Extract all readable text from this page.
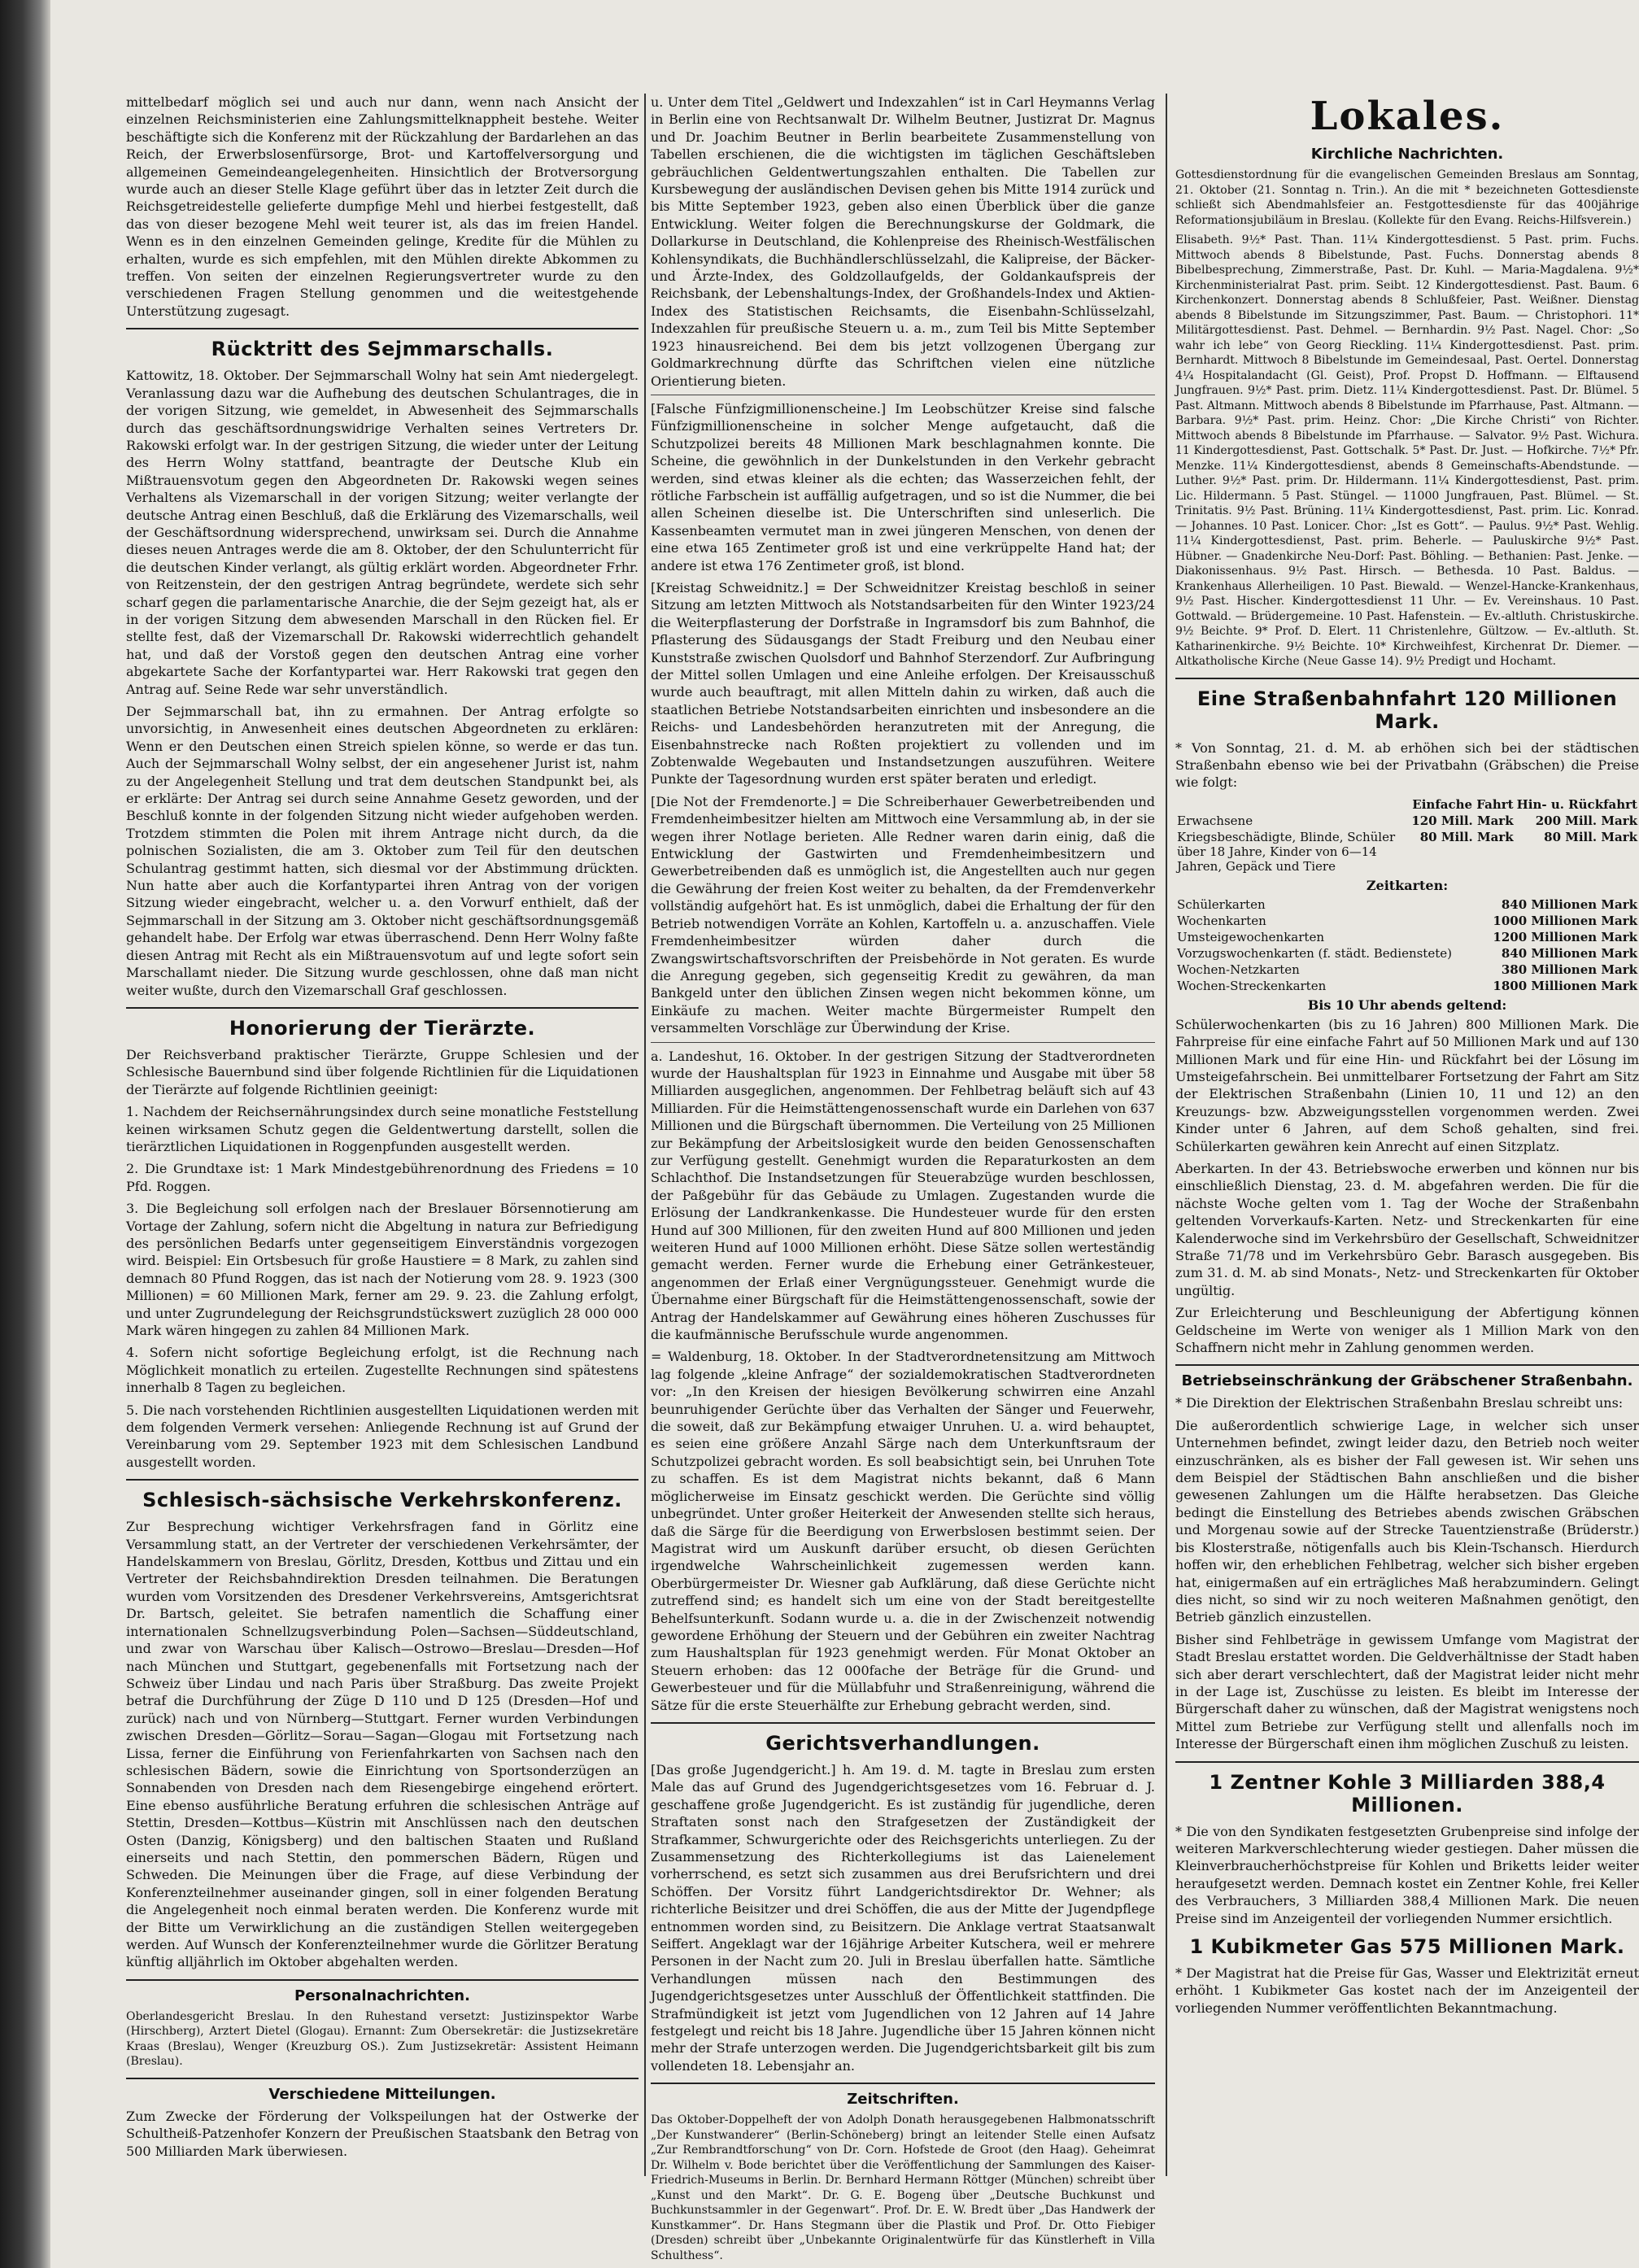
mittelbedarf möglich sei und auch nur dann, wenn nach Ansicht der einzelnen Reichsministerien eine Zahlungsmittelknappheit bestehe. Weiter beschäftigte sich die Konferenz mit der Rückzahlung der Bardarlehen an das Reich, der Erwerbslosenfürsorge, Brot- und Kartoffelversorgung und allgemeinen Gemeindeangelegenheiten. Hinsichtlich der Brotversorgung wurde auch an dieser Stelle Klage geführt über das in letzter Zeit durch die Reichsgetreidestelle gelieferte dumpfige Mehl und hierbei festgestellt, daß das von dieser bezogene Mehl weit teurer ist, als das im freien Handel. Wenn es in den einzelnen Gemeinden gelinge, Kredite für die Mühlen zu erhalten, wurde es sich empfehlen, mit den Mühlen direkte Abkommen zu treffen. Von seiten der einzelnen Regierungsvertreter wurde zu den verschiedenen Fragen Stellung genommen und die weitestgehende Unterstützung zugesagt.

Rücktritt des Sejmmarschalls.

Kattowitz, 18. Oktober. Der Sejmmarschall Wolny hat sein Amt niedergelegt. Veranlassung dazu war die Aufhebung des deutschen Schulantrages, die in der vorigen Sitzung, wie gemeldet, in Abwesenheit des Sejmmarschalls durch das geschäftsordnungswidrige Verhalten seines Vertreters Dr. Rakowski erfolgt war. In der gestrigen Sitzung, die wieder unter der Leitung des Herrn Wolny stattfand, beantragte der Deutsche Klub ein Mißtrauensvotum gegen den Abgeordneten Dr. Rakowski wegen seines Verhaltens als Vizemarschall in der vorigen Sitzung; weiter verlangte der deutsche Antrag einen Beschluß, daß die Erklärung des Vizemarschalls, weil der Geschäftsordnung widersprechend, unwirksam sei. Durch die Annahme dieses neuen Antrages werde die am 8. Oktober, der den Schulunterricht für die deutschen Kinder verlangt, als gültig erklärt worden. Abgeordneter Frhr. von Reitzenstein, der den gestrigen Antrag begründete, werdete sich sehr scharf gegen die parlamentarische Anarchie, die der Sejm gezeigt hat, als er in der vorigen Sitzung dem abwesenden Marschall in den Rücken fiel. Er stellte fest, daß der Vizemarschall Dr. Rakowski widerrechtlich gehandelt hat, und daß der Vorstoß gegen den deutschen Antrag eine vorher abgekartete Sache der Korfantypartei war. Herr Rakowski trat gegen den Antrag auf. Seine Rede war sehr unverständlich.

Der Sejmmarschall bat, ihn zu ermahnen. Der Antrag erfolgte so unvorsichtig, in Anwesenheit eines deutschen Abgeordneten zu erklären: Wenn er den Deutschen einen Streich spielen könne, so werde er das tun. Auch der Sejmmarschall Wolny selbst, der ein angesehener Jurist ist, nahm zu der Angelegenheit Stellung und trat dem deutschen Standpunkt bei, als er erklärte: Der Antrag sei durch seine Annahme Gesetz geworden, und der Beschluß konnte in der folgenden Sitzung nicht wieder aufgehoben werden. Trotzdem stimmten die Polen mit ihrem Antrage nicht durch, da die polnischen Sozialisten, die am 3. Oktober zum Teil für den deutschen Schulantrag gestimmt hatten, sich diesmal vor der Abstimmung drückten. Nun hatte aber auch die Korfantypartei ihren Antrag von der vorigen Sitzung wieder eingebracht, welcher u. a. den Vorwurf enthielt, daß der Sejmmarschall in der Sitzung am 3. Oktober nicht geschäftsordnungsgemäß gehandelt habe. Der Erfolg war etwas überraschend. Denn Herr Wolny faßte diesen Antrag mit Recht als ein Mißtrauensvotum auf und legte sofort sein Marschallamt nieder. Die Sitzung wurde geschlossen, ohne daß man nicht weiter wußte, durch den Vizemarschall Graf geschlossen.

Honorierung der Tierärzte.

Der Reichsverband praktischer Tierärzte, Gruppe Schlesien und der Schlesische Bauernbund sind über folgende Richtlinien für die Liquidationen der Tierärzte auf folgende Richtlinien geeinigt:

1. Nachdem der Reichsernährungsindex durch seine monatliche Feststellung keinen wirksamen Schutz gegen die Geldentwertung darstellt, sollen die tierärztlichen Liquidationen in Roggenpfunden ausgestellt werden.

2. Die Grundtaxe ist: 1 Mark Mindestgebührenordnung des Friedens = 10 Pfd. Roggen.

3. Die Begleichung soll erfolgen nach der Breslauer Börsennotierung am Vortage der Zahlung, sofern nicht die Abgeltung in natura zur Befriedigung des persönlichen Bedarfs unter gegenseitigem Einverständnis vorgezogen wird. Beispiel: Ein Ortsbesuch für große Haustiere = 8 Mark, zu zahlen sind demnach 80 Pfund Roggen, das ist nach der Notierung vom 28. 9. 1923 (300 Millionen) = 60 Millionen Mark, ferner am 29. 9. 23. die Zahlung erfolgt, und unter Zugrundelegung der Reichsgrundstückswert zuzüglich 28 000 000 Mark wären hingegen zu zahlen 84 Millionen Mark.

4. Sofern nicht sofortige Begleichung erfolgt, ist die Rechnung nach Möglichkeit monatlich zu erteilen. Zugestellte Rechnungen sind spätestens innerhalb 8 Tagen zu begleichen.

5. Die nach vorstehenden Richtlinien ausgestellten Liquidationen werden mit dem folgenden Vermerk versehen: Anliegende Rechnung ist auf Grund der Vereinbarung vom 29. September 1923 mit dem Schlesischen Landbund ausgestellt worden.

Schlesisch-sächsische Verkehrskonferenz.

Zur Besprechung wichtiger Verkehrsfragen fand in Görlitz eine Versammlung statt, an der Vertreter der verschiedenen Verkehrsämter, der Handelskammern von Breslau, Görlitz, Dresden, Kottbus und Zittau und ein Vertreter der Reichsbahndirektion Dresden teilnahmen. Die Beratungen wurden vom Vorsitzenden des Dresdener Verkehrsvereins, Amtsgerichtsrat Dr. Bartsch, geleitet. Sie betrafen namentlich die Schaffung einer internationalen Schnellzugsverbindung Polen—Sachsen—Süddeutschland, und zwar von Warschau über Kalisch—Ostrowo—Breslau—Dresden—Hof nach München und Stuttgart, gegebenenfalls mit Fortsetzung nach der Schweiz über Lindau und nach Paris über Straßburg. Das zweite Projekt betraf die Durchführung der Züge D 110 und D 125 (Dresden—Hof und zurück) nach und von Nürnberg—Stuttgart. Ferner wurden Verbindungen zwischen Dresden—Görlitz—Sorau—Sagan—Glogau mit Fortsetzung nach Lissa, ferner die Einführung von Ferienfahrkarten von Sachsen nach den schlesischen Bädern, sowie die Einrichtung von Sportsonderzügen an Sonnabenden von Dresden nach dem Riesengebirge eingehend erörtert. Eine ebenso ausführliche Beratung erfuhren die schlesischen Anträge auf Stettin, Dresden—Kottbus—Küstrin mit Anschlüssen nach den deutschen Osten (Danzig, Königsberg) und den baltischen Staaten und Rußland einerseits und nach Stettin, den pommerschen Bädern, Rügen und Schweden. Die Meinungen über die Frage, auf diese Verbindung der Konferenzteilnehmer auseinander gingen, soll in einer folgenden Beratung die Angelegenheit noch einmal beraten werden. Die Konferenz wurde mit der Bitte um Verwirklichung an die zuständigen Stellen weitergegeben werden. Auf Wunsch der Konferenzteilnehmer wurde die Görlitzer Beratung künftig alljährlich im Oktober abgehalten werden.

Personalnachrichten.

Oberlandesgericht Breslau. In den Ruhestand versetzt: Justizinspektor Warbe (Hirschberg), Arztert Dietel (Glogau). Ernannt: Zum Obersekretär: die Justizsekretäre Kraas (Breslau), Wenger (Kreuzburg OS.). Zum Justizsekretär: Assistent Heimann (Breslau).

Verschiedene Mitteilungen.

Zum Zwecke der Förderung der Volkspeilungen hat der Ostwerke der Schultheiß-Patzenhofer Konzern der Preußischen Staatsbank den Betrag von 500 Milliarden Mark überwiesen.

u. Unter dem Titel „Geldwert und Indexzahlen“ ist in Carl Heymanns Verlag in Berlin eine von Rechtsanwalt Dr. Wilhelm Beutner, Justizrat Dr. Magnus und Dr. Joachim Beutner in Berlin bearbeitete Zusammenstellung von Tabellen erschienen, die die wichtigsten im täglichen Geschäftsleben gebräuchlichen Geldentwertungszahlen enthalten. Die Tabellen zur Kursbewegung der ausländischen Devisen gehen bis Mitte 1914 zurück und bis Mitte September 1923, geben also einen Überblick über die ganze Entwicklung. Weiter folgen die Berechnungskurse der Goldmark, die Dollarkurse in Deutschland, die Kohlenpreise des Rheinisch-Westfälischen Kohlensyndikats, die Buchhändlerschlüsselzahl, die Kalipreise, der Bäcker- und Ärzte-Index, des Goldzollaufgelds, der Goldankaufspreis der Reichsbank, der Lebenshaltungs-Index, der Großhandels-Index und Aktien-Index des Statistischen Reichsamts, die Eisenbahn-Schlüsselzahl, Indexzahlen für preußische Steuern u. a. m., zum Teil bis Mitte September 1923 hinausreichend. Bei dem bis jetzt vollzogenen Übergang zur Goldmarkrechnung dürfte das Schriftchen vielen eine nützliche Orientierung bieten.

[Falsche Fünfzigmillionenscheine.] Im Leobschützer Kreise sind falsche Fünfzigmillionenscheine in solcher Menge aufgetaucht, daß die Schutzpolizei bereits 48 Millionen Mark beschlagnahmen konnte. Die Scheine, die gewöhnlich in der Dunkelstunden in den Verkehr gebracht werden, sind etwas kleiner als die echten; das Wasserzeichen fehlt, der rötliche Farbschein ist auffällig aufgetragen, und so ist die Nummer, die bei allen Scheinen dieselbe ist. Die Unterschriften sind unleserlich. Die Kassenbeamten vermutet man in zwei jüngeren Menschen, von denen der eine etwa 165 Zentimeter groß ist und eine verkrüppelte Hand hat; der andere ist etwa 176 Zentimeter groß, ist blond.

[Kreistag Schweidnitz.] = Der Schweidnitzer Kreistag beschloß in seiner Sitzung am letzten Mittwoch als Notstandsarbeiten für den Winter 1923/24 die Weiterpflasterung der Dorfstraße in Ingramsdorf bis zum Bahnhof, die Pflasterung des Südausgangs der Stadt Freiburg und den Neubau einer Kunststraße zwischen Quolsdorf und Bahnhof Sterzendorf. Zur Aufbringung der Mittel sollen Umlagen und eine Anleihe erfolgen. Der Kreisausschuß wurde auch beauftragt, mit allen Mitteln dahin zu wirken, daß auch die staatlichen Betriebe Notstandsarbeiten einrichten und insbesondere an die Reichs- und Landesbehörden heranzutreten mit der Anregung, die Eisenbahnstrecke nach Roßten projektiert zu vollenden und im Zobtenwalde Wegebauten und Instandsetzungen auszuführen. Weitere Punkte der Tagesordnung wurden erst später beraten und erledigt.

[Die Not der Fremdenorte.] = Die Schreiberhauer Gewerbetreibenden und Fremdenheimbesitzer hielten am Mittwoch eine Versammlung ab, in der sie wegen ihrer Notlage berieten. Alle Redner waren darin einig, daß die Entwicklung der Gastwirten und Fremdenheimbesitzern und Gewerbetreibenden daß es unmöglich ist, die Angestellten auch nur gegen die Gewährung der freien Kost weiter zu behalten, da der Fremdenverkehr vollständig aufgehört hat. Es ist unmöglich, dabei die Erhaltung der für den Betrieb notwendigen Vorräte an Kohlen, Kartoffeln u. a. anzuschaffen. Viele Fremdenheimbesitzer würden daher durch die Zwangswirtschaftsvorschriften der Preisbehörde in Not geraten. Es wurde die Anregung gegeben, sich gegenseitig Kredit zu gewähren, da man Bankgeld unter den üblichen Zinsen wegen nicht bekommen könne, um Einkäufe zu machen. Weiter machte Bürgermeister Rumpelt den versammelten Vorschläge zur Überwindung der Krise.

a. Landeshut, 16. Oktober. In der gestrigen Sitzung der Stadtverordneten wurde der Haushaltsplan für 1923 in Einnahme und Ausgabe mit über 58 Milliarden ausgeglichen, angenommen. Der Fehlbetrag beläuft sich auf 43 Milliarden. Für die Heimstättengenossenschaft wurde ein Darlehen von 637 Millionen und die Bürgschaft übernommen. Die Verteilung von 25 Millionen zur Bekämpfung der Arbeitslosigkeit wurde den beiden Genossenschaften zur Verfügung gestellt. Genehmigt wurden die Reparaturkosten an dem Schlachthof. Die Instandsetzungen für Steuerabzüge wurden beschlossen, der Paßgebühr für das Gebäude zu Umlagen. Zugestanden wurde die Erlösung der Landkrankenkasse. Die Hundesteuer wurde für den ersten Hund auf 300 Millionen, für den zweiten Hund auf 800 Millionen und jeden weiteren Hund auf 1000 Millionen erhöht. Diese Sätze sollen werteständig gemacht werden. Ferner wurde die Erhebung einer Getränkesteuer, angenommen der Erlaß einer Vergnügungssteuer. Genehmigt wurde die Übernahme einer Bürgschaft für die Heimstättengenossenschaft, sowie der Antrag der Handelskammer auf Gewährung eines höheren Zuschusses für die kaufmännische Berufsschule wurde angenommen.

= Waldenburg, 18. Oktober. In der Stadtverordnetensitzung am Mittwoch lag folgende „kleine Anfrage“ der sozialdemokratischen Stadtverordneten vor: „In den Kreisen der hiesigen Bevölkerung schwirren eine Anzahl beunruhigender Gerüchte über das Verhalten der Sänger und Feuerwehr, die soweit, daß zur Bekämpfung etwaiger Unruhen. U. a. wird behauptet, es seien eine größere Anzahl Särge nach dem Unterkunftsraum der Schutzpolizei gebracht worden. Es soll beabsichtigt sein, bei Unruhen Tote zu schaffen. Es ist dem Magistrat nichts bekannt, daß 6 Mann möglicherweise im Einsatz geschickt werden. Die Gerüchte sind völlig unbegründet. Unter großer Heiterkeit der Anwesenden stellte sich heraus, daß die Särge für die Beerdigung von Erwerbslosen bestimmt seien. Der Magistrat wird um Auskunft darüber ersucht, ob diesen Gerüchten irgendwelche Wahrscheinlichkeit zugemessen werden kann. Oberbürgermeister Dr. Wiesner gab Aufklärung, daß diese Gerüchte nicht zutreffend sind; es handelt sich um eine von der Stadt bereitgestellte Behelfsunterkunft. Sodann wurde u. a. die in der Zwischenzeit notwendig gewordene Erhöhung der Steuern und der Gebühren ein zweiter Nachtrag zum Haushaltsplan für 1923 genehmigt werden. Für Monat Oktober an Steuern erhoben: das 12 000fache der Beträge für die Grund- und Gewerbesteuer und für die Müllabfuhr und Straßenreinigung, während die Sätze für die erste Steuerhälfte zur Erhebung gebracht werden, sind.

Gerichtsverhandlungen.

[Das große Jugendgericht.] h. Am 19. d. M. tagte in Breslau zum ersten Male das auf Grund des Jugendgerichtsgesetzes vom 16. Februar d. J. geschaffene große Jugendgericht. Es ist zuständig für jugendliche, deren Straftaten sonst nach den Strafgesetzen der Zuständigkeit der Strafkammer, Schwurgerichte oder des Reichsgerichts unterliegen. Zu der Zusammensetzung des Richterkollegiums ist das Laienelement vorherrschend, es setzt sich zusammen aus drei Berufsrichtern und drei Schöffen. Der Vorsitz führt Landgerichtsdirektor Dr. Wehner; als richterliche Beisitzer und drei Schöffen, die aus der Mitte der Jugendpflege entnommen worden sind, zu Beisitzern. Die Anklage vertrat Staatsanwalt Seiffert. Angeklagt war der 16jährige Arbeiter Kutschera, weil er mehrere Personen in der Nacht zum 20. Juli in Breslau überfallen hatte. Sämtliche Verhandlungen müssen nach den Bestimmungen des Jugendgerichtsgesetzes unter Ausschluß der Öffentlichkeit stattfinden. Die Strafmündigkeit ist jetzt vom Jugendlichen von 12 Jahren auf 14 Jahre festgelegt und reicht bis 18 Jahre. Jugendliche über 15 Jahren können nicht mehr der Strafe unterzogen werden. Die Jugendgerichtsbarkeit gilt bis zum vollendeten 18. Lebensjahr an.

Zeitschriften.

Das Oktober-Doppelheft der von Adolph Donath herausgegebenen Halbmonatsschrift „Der Kunstwanderer“ (Berlin-Schöneberg) bringt an leitender Stelle einen Aufsatz „Zur Rembrandtforschung“ von Dr. Corn. Hofstede de Groot (den Haag). Geheimrat Dr. Wilhelm v. Bode berichtet über die Veröffentlichung der Sammlungen des Kaiser-Friedrich-Museums in Berlin. Dr. Bernhard Hermann Röttger (München) schreibt über „Kunst und den Markt“. Dr. G. E. Bogeng über „Deutsche Buchkunst und Buchkunstsammler in der Gegenwart“. Prof. Dr. E. W. Bredt über „Das Handwerk der Kunstkammer“. Dr. Hans Stegmann über die Plastik und Prof. Dr. Otto Fiebiger (Dresden) schreibt über „Unbekannte Originalentwürfe für das Künstlerheft in Villa Schulthess“.

Lokales.
Kirchliche Nachrichten.

Gottesdienstordnung für die evangelischen Gemeinden Breslaus am Sonntag, 21. Oktober (21. Sonntag n. Trin.). An die mit * bezeichneten Gottesdienste schließt sich Abendmahlsfeier an. Festgottesdienste für das 400jährige Reformationsjubiläum in Breslau. (Kollekte für den Evang. Reichs-Hilfsverein.)

Elisabeth. 9½* Past. Than. 11¼ Kindergottesdienst. 5 Past. prim. Fuchs. Mittwoch abends 8 Bibelstunde, Past. Fuchs. Donnerstag abends 8 Bibelbesprechung, Zimmerstraße, Past. Dr. Kuhl. — Maria-Magdalena. 9½* Kirchenministerialrat Past. prim. Seibt. 12 Kindergottesdienst. Past. Baum. 6 Kirchenkonzert. Donnerstag abends 8 Schlußfeier, Past. Weißner. Dienstag abends 8 Bibelstunde im Sitzungszimmer, Past. Baum. — Christophori. 11* Militärgottesdienst. Past. Dehmel. — Bernhardin. 9½ Past. Nagel. Chor: „So wahr ich lebe“ von Georg Rieckling. 11¼ Kindergottesdienst. Past. prim. Bernhardt. Mittwoch 8 Bibelstunde im Gemeindesaal, Past. Oertel. Donnerstag 4¼ Hospitalandacht (Gl. Geist), Prof. Propst D. Hoffmann. — Elftausend Jungfrauen. 9½* Past. prim. Dietz. 11¼ Kindergottesdienst. Past. Dr. Blümel. 5 Past. Altmann. Mittwoch abends 8 Bibelstunde im Pfarrhause, Past. Altmann. — Barbara. 9½* Past. prim. Heinz. Chor: „Die Kirche Christi“ von Richter. Mittwoch abends 8 Bibelstunde im Pfarrhause. — Salvator. 9½ Past. Wichura. 11 Kindergottesdienst, Past. Gottschalk. 5* Past. Dr. Just. — Hofkirche. 7½* Pfr. Menzke. 11¼ Kindergottesdienst, abends 8 Gemeinschafts-Abendstunde. — Luther. 9½* Past. prim. Dr. Hildermann. 11¼ Kindergottesdienst, Past. prim. Lic. Hildermann. 5 Past. Stüngel. — 11000 Jungfrauen, Past. Blümel. — St. Trinitatis. 9½ Past. Brüning. 11¼ Kindergottesdienst, Past. prim. Lic. Konrad. — Johannes. 10 Past. Lonicer. Chor: „Ist es Gott“. — Paulus. 9½* Past. Wehlig. 11¼ Kindergottesdienst, Past. prim. Beherle. — Pauluskirche 9½* Past. Hübner. — Gnadenkirche Neu-Dorf: Past. Böhling. — Bethanien: Past. Jenke. — Diakonissenhaus. 9½ Past. Hirsch. — Bethesda. 10 Past. Baldus. — Krankenhaus Allerheiligen. 10 Past. Biewald. — Wenzel-Hancke-Krankenhaus, 9½ Past. Hischer. Kindergottesdienst 11 Uhr. — Ev. Vereinshaus. 10 Past. Gottwald. — Brüdergemeine. 10 Past. Hafenstein. — Ev.-altluth. Christuskirche. 9½ Beichte. 9* Prof. D. Elert. 11 Christenlehre, Gültzow. — Ev.-altluth. St. Katharinenkirche. 9½ Beichte. 10* Kirchweihfest, Kirchenrat Dr. Diemer. — Altkatholische Kirche (Neue Gasse 14). 9½ Predigt und Hochamt.

Eine Straßenbahnfahrt 120 Millionen Mark.

* Von Sonntag, 21. d. M. ab erhöhen sich bei der städtischen Straßenbahn ebenso wie bei der Privatbahn (Gräbschen) die Preise wie folgt:

	Einfache Fahrt	Hin- u. Rückfahrt
Erwachsene	120 Mill. Mark	200 Mill. Mark
Kriegsbeschädigte, Blinde, Schüler über 18 Jahre, Kinder von 6—14 Jahren, Gepäck und Tiere	80 Mill. Mark	80 Mill. Mark
Zeitkarten:
Schülerkarten	840 Millionen Mark
Wochenkarten	1000 Millionen Mark
Umsteigewochenkarten	1200 Millionen Mark
Vorzugswochenkarten (f. städt. Bedienstete)	840 Millionen Mark
Wochen-Netzkarten	380 Millionen Mark
Wochen-Streckenkarten	1800 Millionen Mark
Bis 10 Uhr abends geltend:

Schülerwochenkarten (bis zu 16 Jahren) 800 Millionen Mark. Die Fahrpreise für eine einfache Fahrt auf 50 Millionen Mark und auf 130 Millionen Mark und für eine Hin- und Rückfahrt bei der Lösung im Umsteigefahrschein. Bei unmittelbarer Fortsetzung der Fahrt am Sitz der Elektrischen Straßenbahn (Linien 10, 11 und 12) an den Kreuzungs- bzw. Abzweigungsstellen vorgenommen werden. Zwei Kinder unter 6 Jahren, auf dem Schoß gehalten, sind frei. Schülerkarten gewähren kein Anrecht auf einen Sitzplatz.

Aberkarten. In der 43. Betriebswoche erwerben und können nur bis einschließlich Dienstag, 23. d. M. abgefahren werden. Die für die nächste Woche gelten vom 1. Tag der Woche der Straßenbahn geltenden Vorverkaufs-Karten. Netz- und Streckenkarten für eine Kalenderwoche sind im Verkehrsbüro der Gesellschaft, Schweidnitzer Straße 71/78 und im Verkehrsbüro Gebr. Barasch ausgegeben. Bis zum 31. d. M. ab sind Monats-, Netz- und Streckenkarten für Oktober ungültig.

Zur Erleichterung und Beschleunigung der Abfertigung können Geldscheine im Werte von weniger als 1 Million Mark von den Schaffnern nicht mehr in Zahlung genommen werden.

Betriebseinschränkung der Gräbschener Straßenbahn.

* Die Direktion der Elektrischen Straßenbahn Breslau schreibt uns:

Die außerordentlich schwierige Lage, in welcher sich unser Unternehmen befindet, zwingt leider dazu, den Betrieb noch weiter einzuschränken, als es bisher der Fall gewesen ist. Wir sehen uns dem Beispiel der Städtischen Bahn anschließen und die bisher gewesenen Zahlungen um die Hälfte herabsetzen. Das Gleiche bedingt die Einstellung des Betriebes abends zwischen Gräbschen und Morgenau sowie auf der Strecke Tauentzienstraße (Brüderstr.) bis Klosterstraße, nötigenfalls auch bis Klein-Tschansch. Hierdurch hoffen wir, den erheblichen Fehlbetrag, welcher sich bisher ergeben hat, einigermaßen auf ein erträgliches Maß herabzumindern. Gelingt dies nicht, so sind wir zu noch weiteren Maßnahmen genötigt, den Betrieb gänzlich einzustellen.

Bisher sind Fehlbeträge in gewissem Umfange vom Magistrat der Stadt Breslau erstattet worden. Die Geldverhältnisse der Stadt haben sich aber derart verschlechtert, daß der Magistrat leider nicht mehr in der Lage ist, Zuschüsse zu leisten. Es bleibt im Interesse der Bürgerschaft daher zu wünschen, daß der Magistrat wenigstens noch Mittel zum Betriebe zur Verfügung stellt und allenfalls noch im Interesse der Bürgerschaft einen ihm möglichen Zuschuß zu leisten.

1 Zentner Kohle 3 Milliarden 388,4 Millionen.

* Die von den Syndikaten festgesetzten Grubenpreise sind infolge der weiteren Markverschlechterung wieder gestiegen. Daher müssen die Kleinverbraucherhöchstpreise für Kohlen und Briketts leider weiter heraufgesetzt werden. Demnach kostet ein Zentner Kohle, frei Keller des Verbrauchers, 3 Milliarden 388,4 Millionen Mark. Die neuen Preise sind im Anzeigenteil der vorliegenden Nummer ersichtlich.

1 Kubikmeter Gas 575 Millionen Mark.

* Der Magistrat hat die Preise für Gas, Wasser und Elektrizität erneut erhöht. 1 Kubikmeter Gas kostet nach der im Anzeigenteil der vorliegenden Nummer veröffentlichten Bekanntmachung.
